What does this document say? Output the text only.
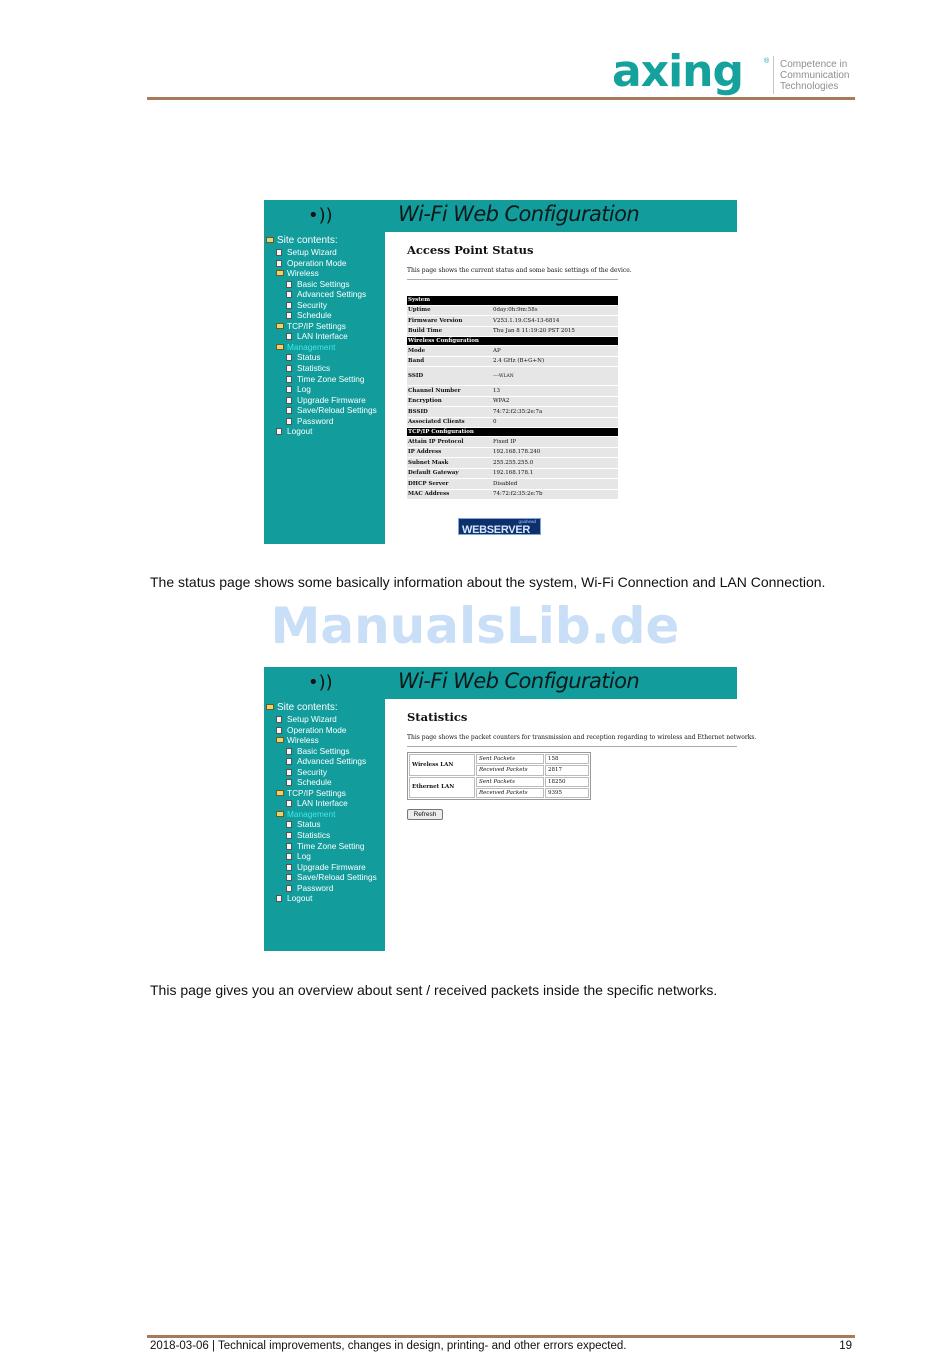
axing	® Competence in
Communication
Technologies
•))	Wi-Fi Web Configuration
Site contents:
Setup Wizard
Operation Mode
Wireless
Basic Settings
Advanced Settings
Security
Schedule
TCP/IP Settings
LAN Interface
Management
Status
Statistics
Time Zone Setting
Log
Upgrade Firmware
Save/Reload Settings
Password
Logout
Access Point Status
This page shows the current status and some basic settings of the device.
System	
Uptime	0day:0h:9m:58s
Firmware Version	V253.1.19.CS4-13-6814
Build Time	Thu Jan 8 11:19:20 PST 2015
Wireless Configuration	
Mode	AP
Band	2.4 GHz (B+G+N)
SSID	----WLAN
Channel Number	13
Encryption	WPA2
BSSID	74:72:f2:35:2e:7a
Associated Clients	0
TCP/IP Configuration	
Attain IP Protocol	Fixed IP
IP Address	192.168.178.240
Subnet Mask	255.255.255.0
Default Gateway	192.168.178.1
DHCP Server	Disabled
MAC Address	74:72:f2:35:2e:7b
goahead
WEBSERVER
The status page shows some basically information about the system, Wi-Fi Connection and LAN Connection.
ManualsLib.de
•))	Wi-Fi Web Configuration
Site contents:
Setup Wizard
Operation Mode
Wireless
Basic Settings
Advanced Settings
Security
Schedule
TCP/IP Settings
LAN Interface
Management
Status
Statistics
Time Zone Setting
Log
Upgrade Firmware
Save/Reload Settings
Password
Logout
Statistics
This page shows the packet counters for transmission and reception regarding to wireless and Ethernet networks.
Wireless LAN	Sent Packets	158
	Received Packets	2817
Ethernet LAN	Sent Packets	18250
	Received Packets	9395
Refresh
This page gives you an overview about sent / received packets inside the specific networks.
2018-03-06 | Technical improvements, changes in design, printing- and other errors expected.	19
